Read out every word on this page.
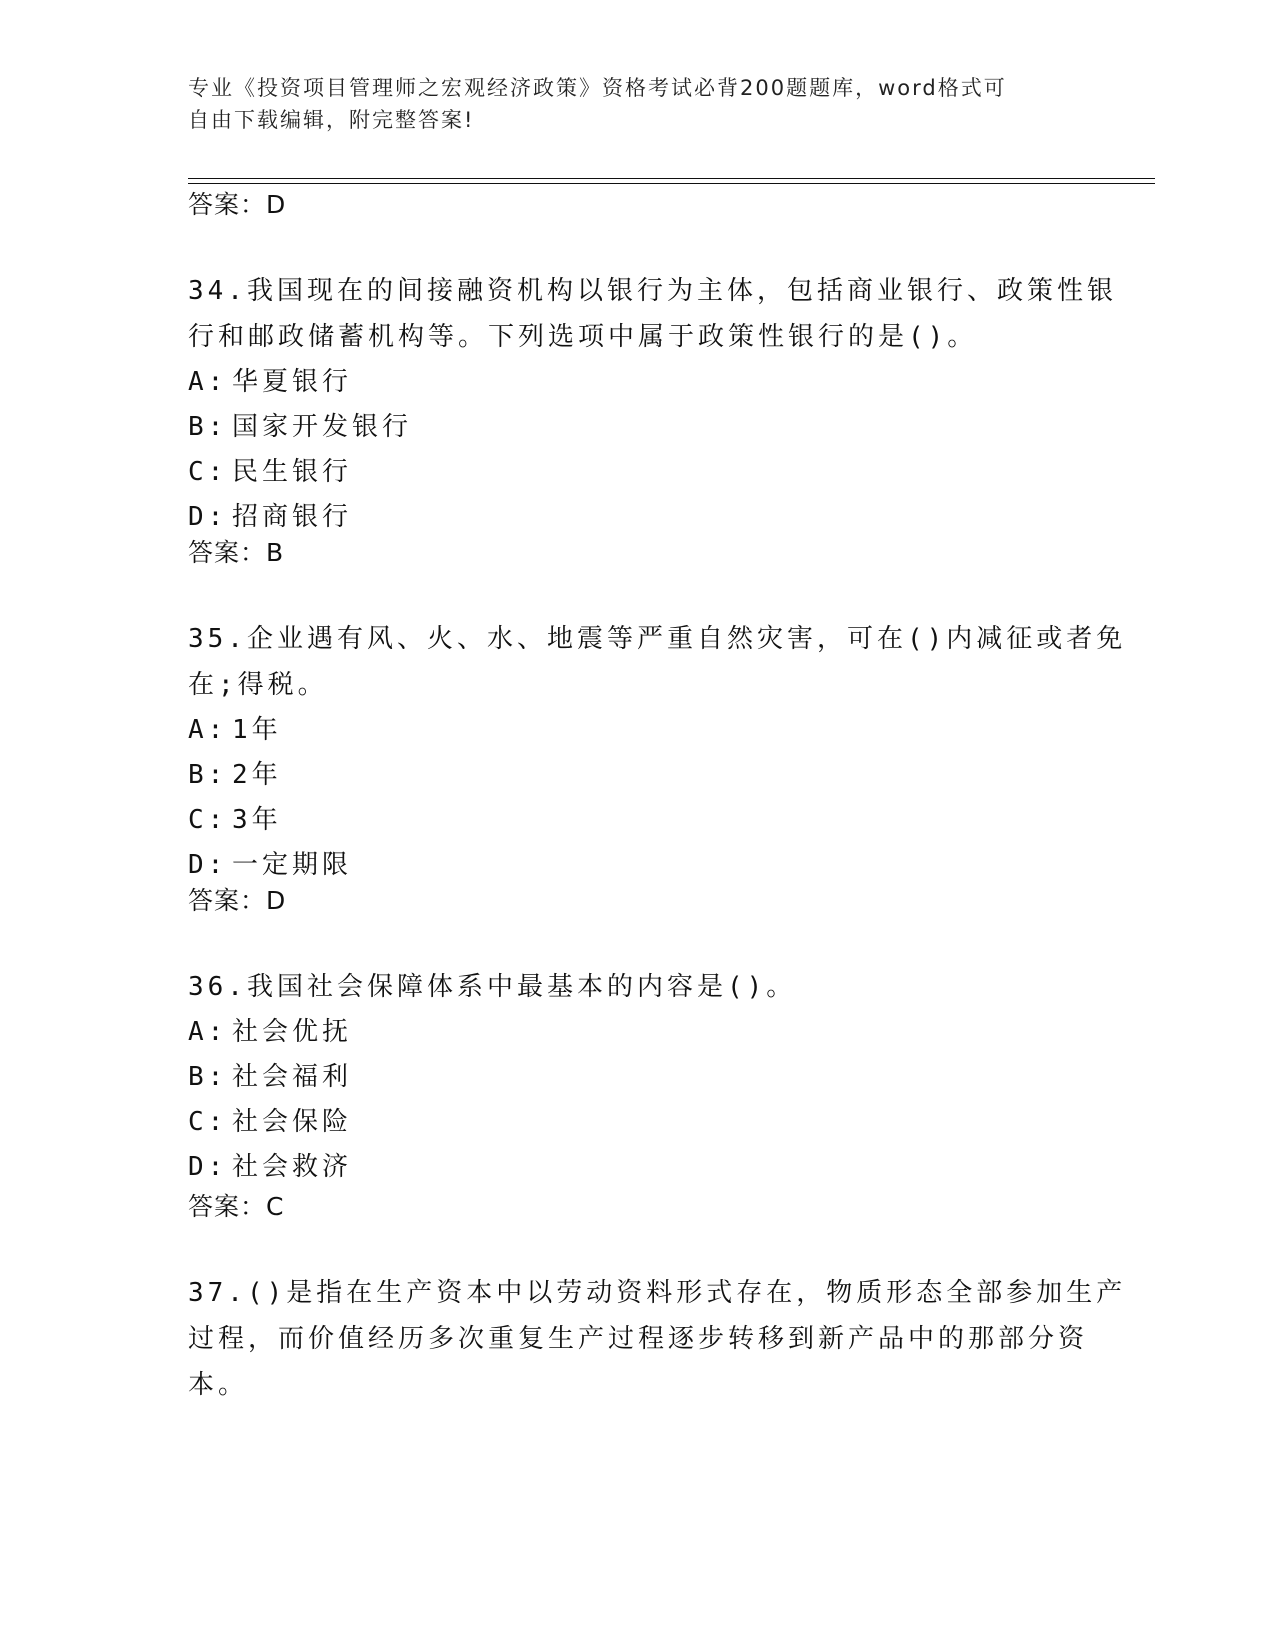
专业《投资项目管理师之宏观经济政策》资格考试必背200题题库，word格式可
自由下载编辑，附完整答案!
答案：D
34.我国现在的间接融资机构以银行为主体，包括商业银行、政策性银
行和邮政储蓄机构等。下列选项中属于政策性银行的是()。
A: 华夏银行
B: 国家开发银行
C: 民生银行
D: 招商银行
答案：B
35.企业遇有风、火、水、地震等严重自然灾害，可在()内减征或者免
在;得税。
A: 1年
B: 2年
C: 3年
D: 一定期限
答案：D
36.我国社会保障体系中最基本的内容是()。
A: 社会优抚
B: 社会福利
C: 社会保险
D: 社会救济
答案：C
37.()是指在生产资本中以劳动资料形式存在，物质形态全部参加生产
过程，而价值经历多次重复生产过程逐步转移到新产品中的那部分资
本。
